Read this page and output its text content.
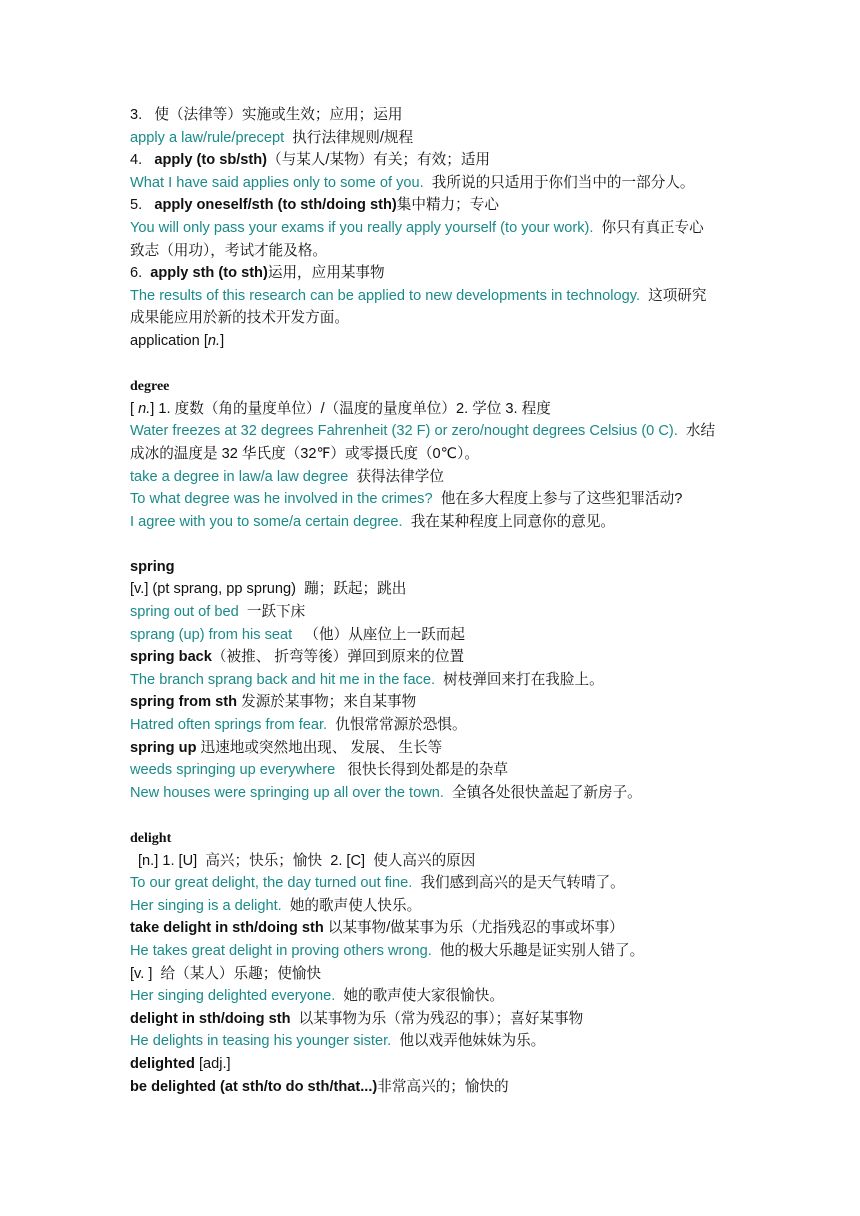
3. 使（法律等）实施或生效；应用；运用
apply a law/rule/precept 执行法律规则/规程
4. apply (to sb/sth)（与某人/某物）有关；有效；适用
What I have said applies only to some of you. 我所说的只适用于你们当中的一部分人。
5. apply oneself/sth (to sth/doing sth)集中精力；专心
You will only pass your exams if you really apply yourself (to your work). 你只有真正专心
致志（用功），考试才能及格。
6. apply sth (to sth)运用，应用某事物
The results of this research can be applied to new developments in technology. 这项研究
成果能应用於新的技术开发方面。
application [n.]
degree
[ n.] 1. 度数（角的量度单位）/（温度的量度单位）2. 学位 3. 程度
Water freezes at 32 degrees Fahrenheit (32 F) or zero/nought degrees Celsius (0 C). 水结
成冰的温度是 32 华氏度（32℉）或零摄氏度（0℃）。
take a degree in law/a law degree 获得法律学位
To what degree was he involved in the crimes? 他在多大程度上参与了这些犯罪活动?
I agree with you to some/a certain degree. 我在某种程度上同意你的意见。
spring
[v.] (pt sprang, pp sprung) 蹦；跃起；跳出
spring out of bed 一跃下床
sprang (up) from his seat （他）从座位上一跃而起
spring back（被推、 折弯等後）弹回到原来的位置
The branch sprang back and hit me in the face. 树枝弹回来打在我脸上。
spring from sth 发源於某事物；来自某事物
Hatred often springs from fear. 仇恨常常源於恐惧。
spring up 迅速地或突然地出现、 发展、 生长等
weeds springing up everywhere 很快长得到处都是的杂草
New houses were springing up all over the town. 全镇各处很快盖起了新房子。
delight
[n.] 1. [U] 高兴；快乐；愉快 2. [C] 使人高兴的原因
To our great delight, the day turned out fine. 我们感到高兴的是天气转晴了。
Her singing is a delight. 她的歌声使人快乐。
take delight in sth/doing sth 以某事物/做某事为乐（尤指残忍的事或坏事）
He takes great delight in proving others wrong. 他的极大乐趣是证实别人错了。
[v. ] 给（某人）乐趣；使愉快
Her singing delighted everyone. 她的歌声使大家很愉快。
delight in sth/doing sth 以某事物为乐（常为残忍的事）；喜好某事物
He delights in teasing his younger sister. 他以戏弄他妹妹为乐。
delighted [adj.]
be delighted (at sth/to do sth/that...)非常高兴的；愉快的
